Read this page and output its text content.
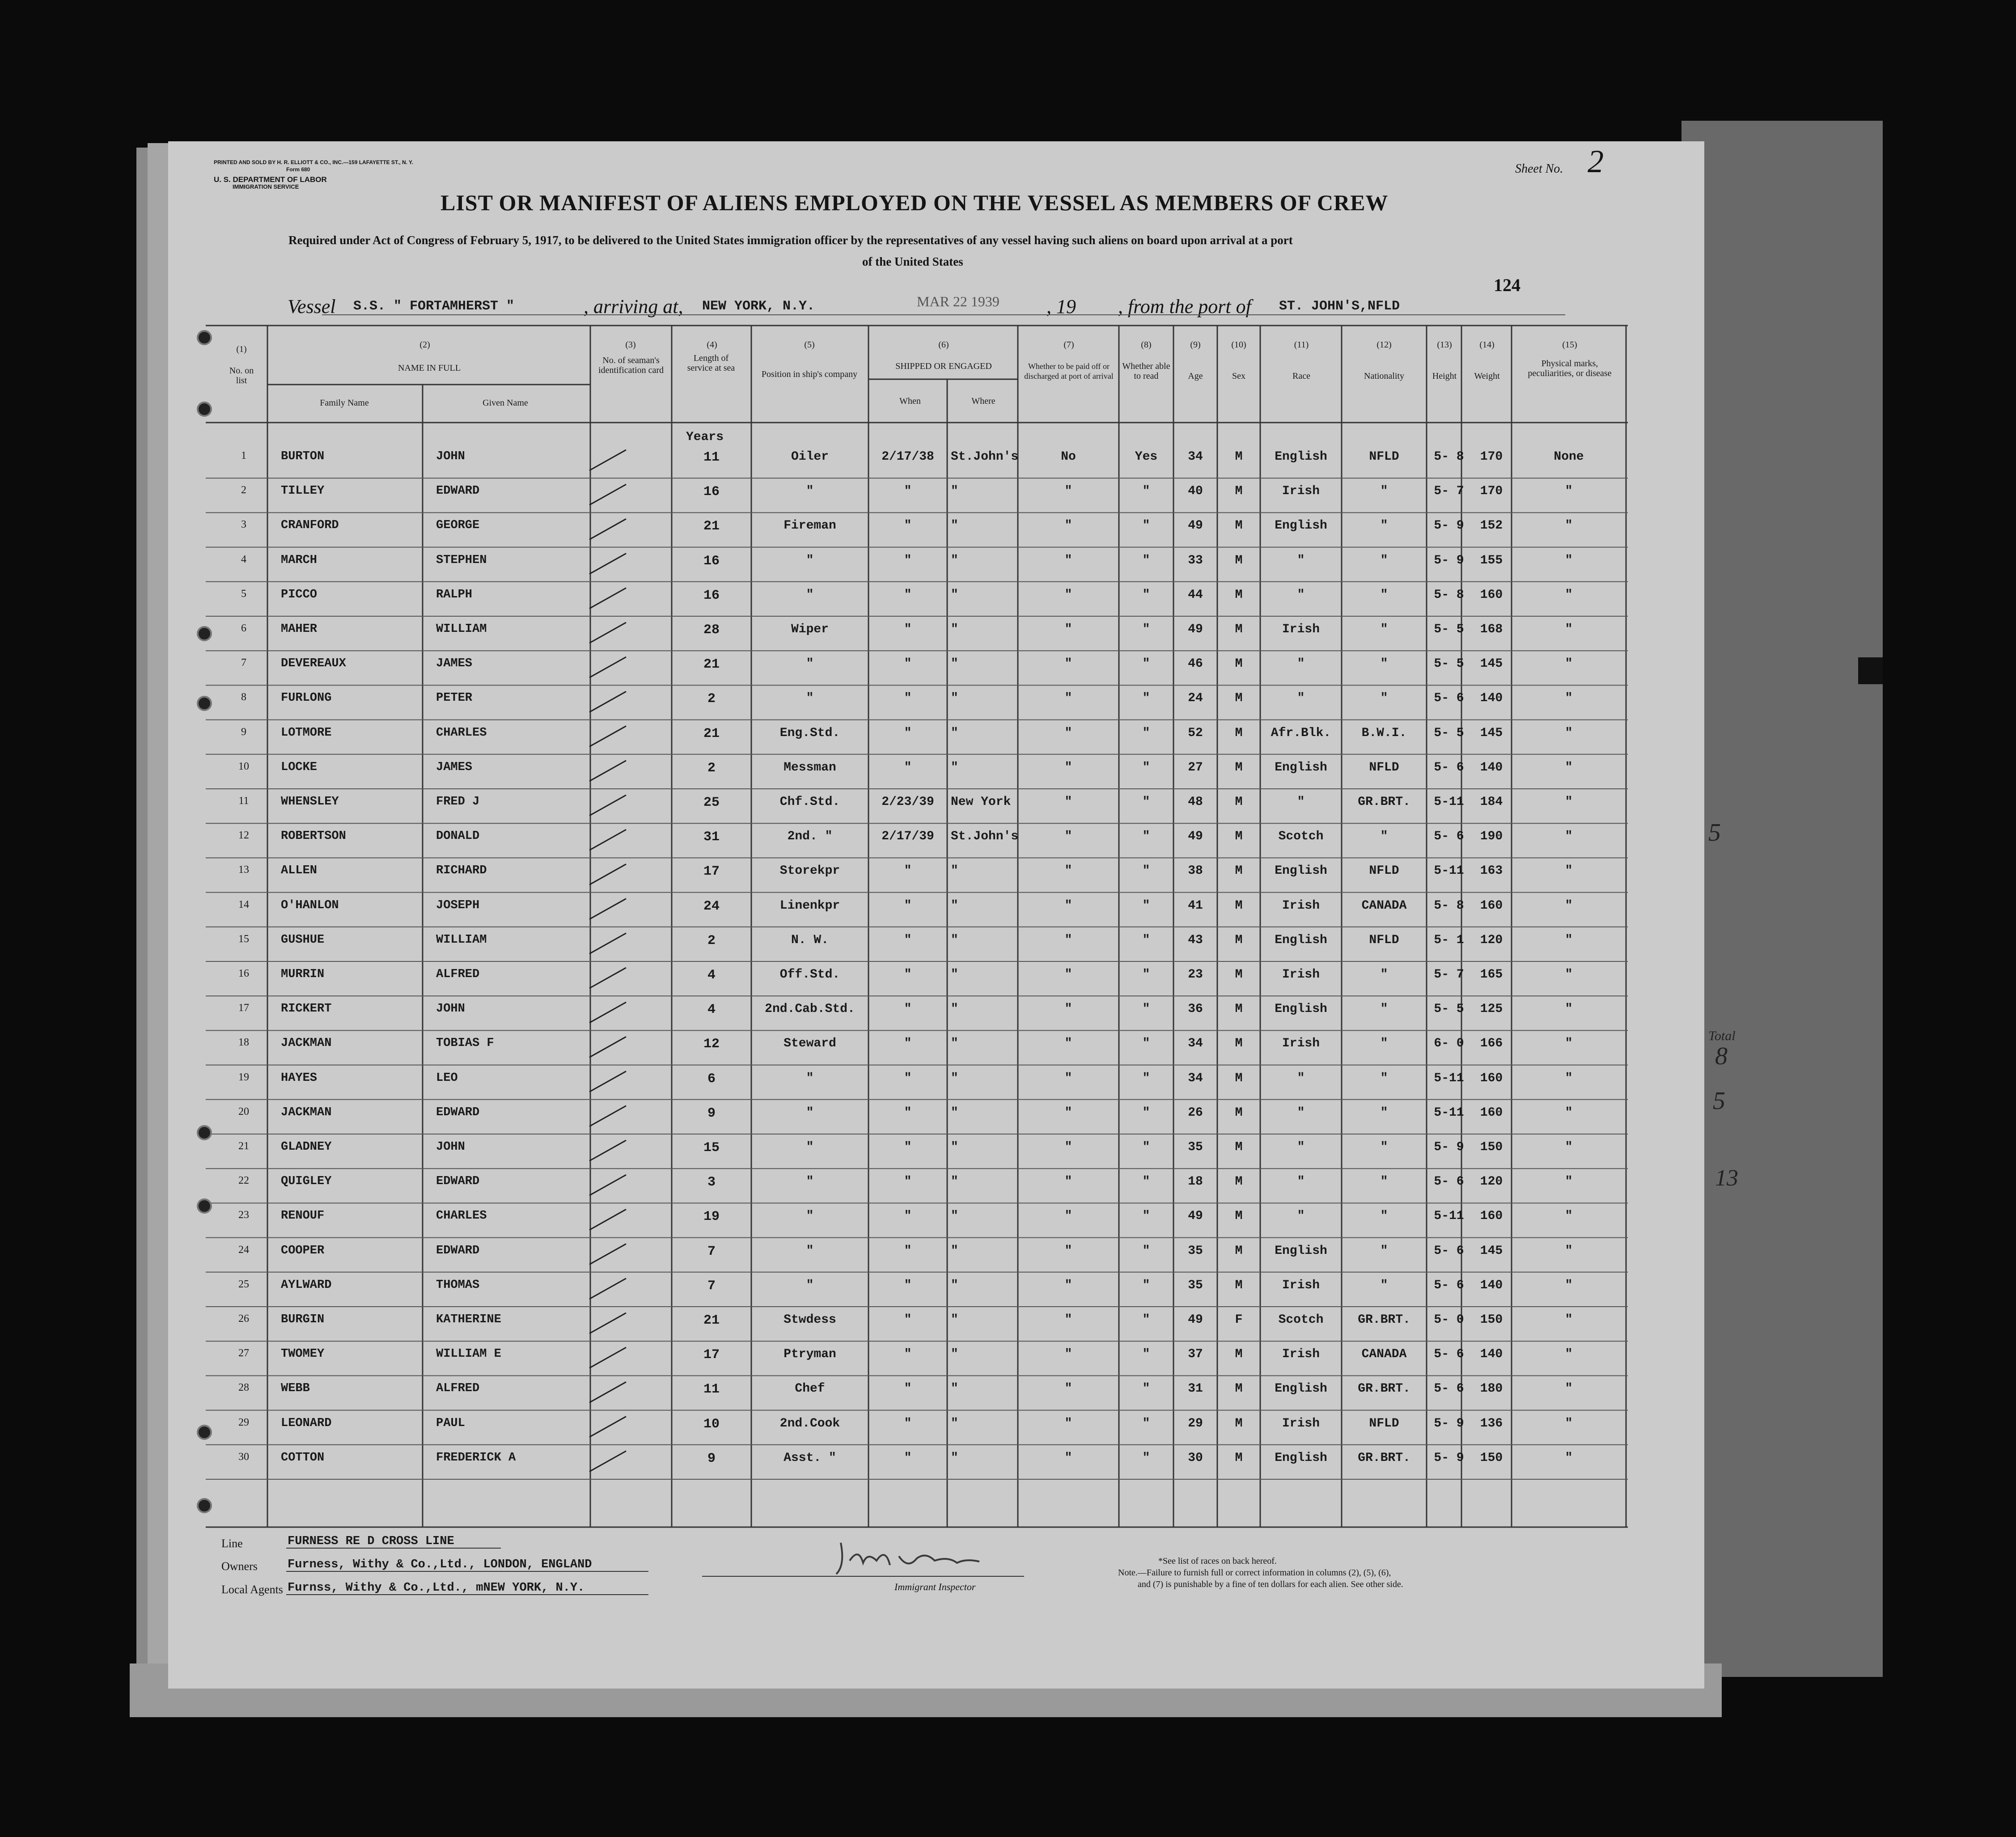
PRINTED AND SOLD BY H. R. ELLIOTT & CO., INC.—159 LAFAYETTE ST., N. Y.
Form 680
U. S. DEPARTMENT OF LABOR
IMMIGRATION SERVICE
Sheet No. 2
LIST OR MANIFEST OF ALIENS EMPLOYED ON THE VESSEL AS MEMBERS OF CREW
Required under Act of Congress of February 5, 1917, to be delivered to the United States immigration officer by the representatives of any vessel having such aliens on board upon arrival at a port
of the United States
124
Vessel S.S. " FORTAMHERST "	, arriving at, NEW YORK, N.Y.	MAR 22 1939 , 19 , from the port of ST. JOHN'S,NFLD
(1)
No. on list
(2)
NAME IN FULL
Family Name	Given Name
(3)
No. of seaman's identification card
(4)
Length of service at sea
(5)
Position in ship's company
(6)
SHIPPED OR ENGAGED
When	Where
(7)
Whether to be paid off or discharged at port of arrival
(8)
Whether able to read
(9)
Age
(10)
Sex
(11)
Race
(12)
Nationality
(13)
Height
(14)
Weight
(15)
Physical marks, peculiarities, or disease
Years
1	BURTON	JOHN	11	Oiler	2/17/38	St.John's	No	Yes	34	M	English	NFLD	5- 8	170	None
2	TILLEY	EDWARD	16	"	"	"	"	"	40	M	Irish	"	5- 7	170	"
3	CRANFORD	GEORGE	21	Fireman	"	"	"	"	49	M	English	"	5- 9	152	"
4	MARCH	STEPHEN	16	"	"	"	"	"	33	M	"	"	5- 9	155	"
5	PICCO	RALPH	16	"	"	"	"	"	44	M	"	"	5- 8	160	"
6	MAHER	WILLIAM	28	Wiper	"	"	"	"	49	M	Irish	"	5- 5	168	"
7	DEVEREAUX	JAMES	21	"	"	"	"	"	46	M	"	"	5- 5	145	"
8	FURLONG	PETER	2	"	"	"	"	"	24	M	"	"	5- 6	140	"
9	LOTMORE	CHARLES	21	Eng.Std.	"	"	"	"	52	M	Afr.Blk.	B.W.I.	5- 5	145	"
10	LOCKE	JAMES	2	Messman	"	"	"	"	27	M	English	NFLD	5- 6	140	"
11	WHENSLEY	FRED J	25	Chf.Std.	2/23/39	New York	"	"	48	M	"	GR.BRT.	5-11	184	"
12	ROBERTSON	DONALD	31	2nd. "	2/17/39	St.John's	"	"	49	M	Scotch	"	5- 6	190	"
13	ALLEN	RICHARD	17	Storekpr	"	"	"	"	38	M	English	NFLD	5-11	163	"
14	O'HANLON	JOSEPH	24	Linenkpr	"	"	"	"	41	M	Irish	CANADA	5- 8	160	"
15	GUSHUE	WILLIAM	2	N. W.	"	"	"	"	43	M	English	NFLD	5- 1	120	"
16	MURRIN	ALFRED	4	Off.Std.	"	"	"	"	23	M	Irish	"	5- 7	165	"
17	RICKERT	JOHN	4	2nd.Cab.Std.	"	"	"	"	36	M	English	"	5- 5	125	"
18	JACKMAN	TOBIAS F	12	Steward	"	"	"	"	34	M	Irish	"	6- 0	166	"
19	HAYES	LEO	6	"	"	"	"	"	34	M	"	"	5-11	160	"
20	JACKMAN	EDWARD	9	"	"	"	"	"	26	M	"	"	5-11	160	"
21	GLADNEY	JOHN	15	"	"	"	"	"	35	M	"	"	5- 9	150	"
22	QUIGLEY	EDWARD	3	"	"	"	"	"	18	M	"	"	5- 6	120	"
23	RENOUF	CHARLES	19	"	"	"	"	"	49	M	"	"	5-11	160	"
24	COOPER	EDWARD	7	"	"	"	"	"	35	M	English	"	5- 6	145	"
25	AYLWARD	THOMAS	7	"	"	"	"	"	35	M	Irish	"	5- 6	140	"
26	BURGIN	KATHERINE	21	Stwdess	"	"	"	"	49	F	Scotch	GR.BRT.	5- 0	150	"
27	TWOMEY	WILLIAM E	17	Ptryman	"	"	"	"	37	M	Irish	CANADA	5- 6	140	"
28	WEBB	ALFRED	11	Chef	"	"	"	"	31	M	English	GR.BRT.	5- 6	180	"
29	LEONARD	PAUL	10	2nd.Cook	"	"	"	"	29	M	Irish	NFLD	5- 9	136	"
30	COTTON	FREDERICK A	9	Asst. "	"	"	"	"	30	M	English	GR.BRT.	5- 9	150	"
Line	FURNESS RE D CROSS LINE
Owners Furness, Withy & Co.,Ltd., LONDON, ENGLAND
Local Agents Furnss, Withy & Co.,Ltd., mNEW YORK, N.Y.	Immigrant Inspector
*See list of races on back hereof.
Note.—Failure to furnish full or correct information in columns (2), (5), (6),
and (7) is punishable by a fine of ten dollars for each alien. See other side.
Total
8
5
13
5
